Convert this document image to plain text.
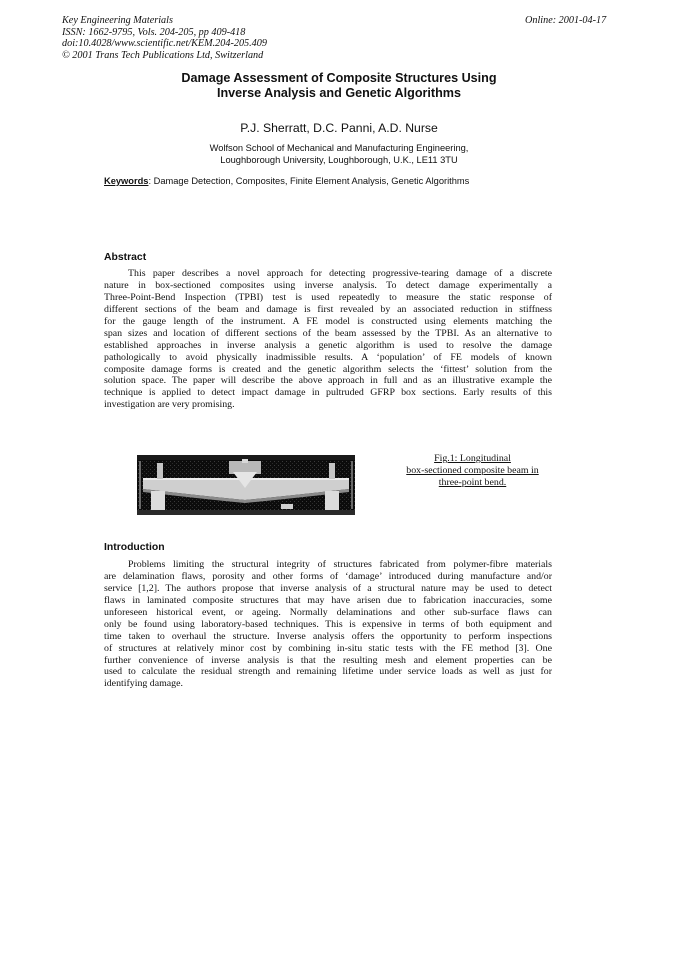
Key Engineering Materials
ISSN: 1662-9795, Vols. 204-205, pp 409-418
doi:10.4028/www.scientific.net/KEM.204-205.409
© 2001 Trans Tech Publications Ltd, Switzerland
Online: 2001-04-17
Damage Assessment of Composite Structures Using
Inverse Analysis and Genetic Algorithms
P.J. Sherratt, D.C. Panni, A.D. Nurse
Wolfson School of Mechanical and Manufacturing Engineering,
Loughborough University, Loughborough, U.K., LE11 3TU
Keywords: Damage Detection, Composites, Finite Element Analysis, Genetic Algorithms
Abstract
This paper describes a novel approach for detecting progressive-tearing damage of a discrete
nature in box-sectioned composites using inverse analysis. To detect damage experimentally a
Three-Point-Bend Inspection (TPBI) test is used repeatedly to measure the static response of
different sections of the beam and damage is first revealed by an associated reduction in stiffness
for the gauge length of the instrument. A FE model is constructed using elements matching the
span sizes and location of different sections of the beam assessed by the TPBI. As an alternative to
established approaches in inverse analysis a genetic algorithm is used to resolve the damage
pathologically to avoid physically inadmissible results. A ‘population’ of FE models of known
composite damage forms is created and the genetic algorithm selects the ‘fittest’ solution from the
solution space. The paper will describe the above approach in full and as an illustrative example the
technique is applied to detect impact damage in pultruded GFRP box sections. Early results of this
investigation are very promising.
Fig.1: Longitudinal
box-sectioned composite beam in
three-point bend.
Introduction
Problems limiting the structural integrity of structures fabricated from polymer-fibre materials
are delamination flaws, porosity and other forms of ‘damage’ introduced during manufacture and/or
service [1,2]. The authors propose that inverse analysis of a structural nature may be used to detect
flaws in laminated composite structures that may have arisen due to fabrication inaccuracies, some
unforeseen historical event, or ageing. Normally delaminations and other sub-surface flaws can
only be found using laboratory-based techniques. This is expensive in terms of both equipment and
time taken to overhaul the structure. Inverse analysis offers the opportunity to perform inspections
of structures at relatively minor cost by combining in-situ static tests with the FE method [3]. One
further convenience of inverse analysis is that the resulting mesh and element properties can be
used to calculate the residual strength and remaining lifetime under service loads as well as just for
identifying damage.
